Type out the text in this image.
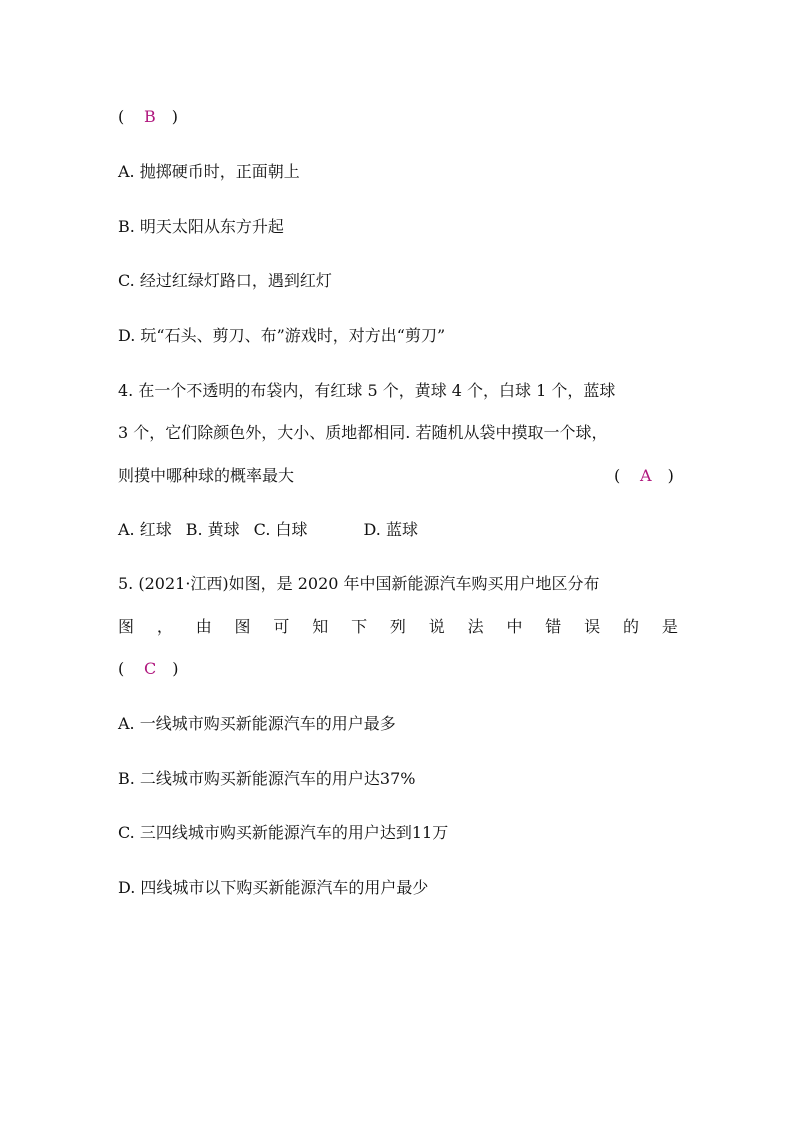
( B )
A. 抛掷硬币时，正面朝上
B. 明天太阳从东方升起
C. 经过红绿灯路口，遇到红灯
D. 玩“石头、剪刀、布”游戏时，对方出“剪刀”
4. 在一个不透明的布袋内，有红球 5 个，黄球 4 个，白球 1 个，蓝球
3 个，它们除颜色外，大小、质地都相同. 若随机从袋中摸取一个球，
则摸中哪种球的概率最大	( A )
A. 红球 B. 黄球 C. 白球	D. 蓝球
5. (2021·江西)如图，是 2020 年中国新能源汽车购买用户地区分布
图 ， 由 图 可 知 下 列 说 法 中 错 误 的 是
( C )
A. 一线城市购买新能源汽车的用户最多
B. 二线城市购买新能源汽车的用户达37%
C. 三四线城市购买新能源汽车的用户达到11万
D. 四线城市以下购买新能源汽车的用户最少
